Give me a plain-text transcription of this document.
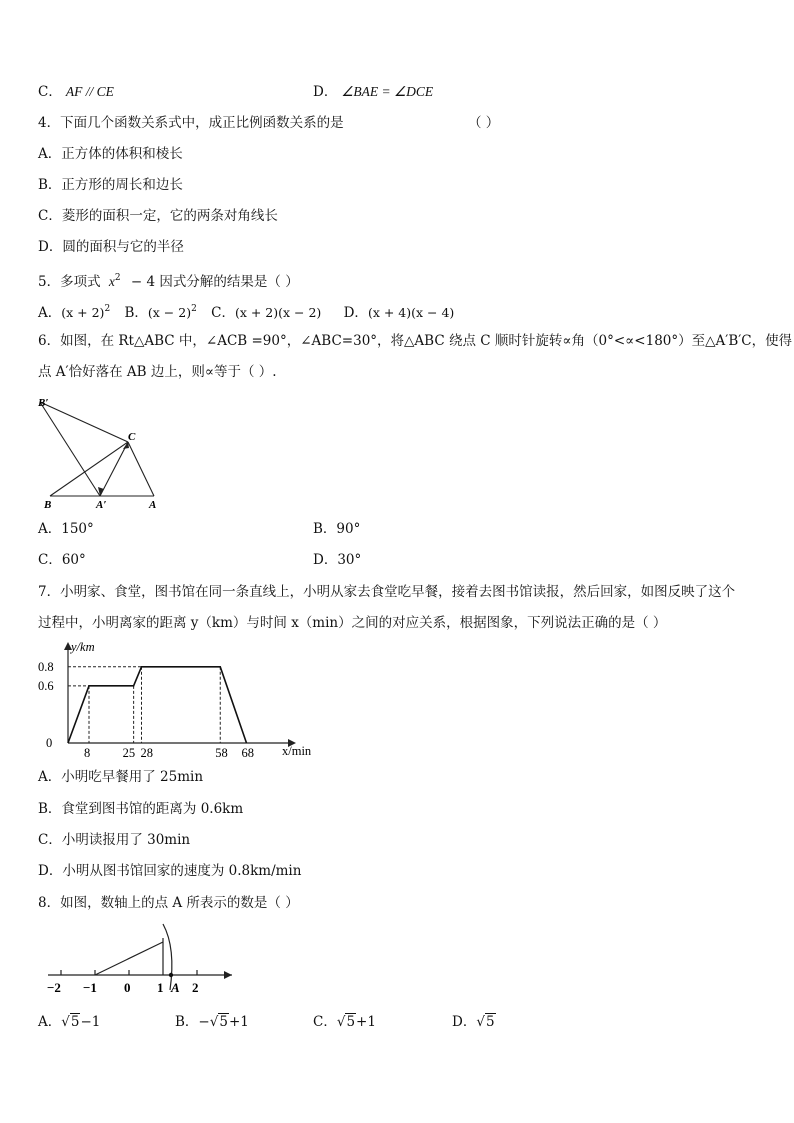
C． AF // CE	D． ∠BAE = ∠DCE
4．下面几个函数关系式中，成正比例函数关系的是	（ ）
A．正方体的体积和棱长
B．正方形的周长和边长
C．菱形的面积一定，它的两条对角线长
D．圆的面积与它的半径
5．多项式 $x^2 - 4$ 因式分解的结果是（ ）
A．$(x + 2)^2$ B．$(x - 2)^2$ C．(x + 2)(x − 2) D．(x + 4)(x − 4)
6．如图，在 Rt△ABC 中，∠ACB =90°，∠ABC=30°，将△ABC 绕点 C 顺时针旋转∝角（0°<∝<180°）至△A′B′C，使得
点 A′恰好落在 AB 边上，则∝等于（ ）.
B′
C
B	A′	A
A．150°	B．90°
C．60°	D．30°
7．小明家、食堂，图书馆在同一条直线上，小明从家去食堂吃早餐，接着去图书馆读报，然后回家，如图反映了这个
过程中，小明离家的距离 y（km）与时间 x（min）之间的对应关系，根据图象，下列说法正确的是（ ）
8	25 28	58 68
0.6
0.8
0
x/min
y/km
A．小明吃早餐用了 25min
B．食堂到图书馆的距离为 0.6km
C．小明读报用了 30min
D．小明从图书馆回家的速度为 0.8km/min
8．如图，数轴上的点 A 所表示的数是（ ）
−2 −1 0 1 A 2
A．√5−1	B．−√5+1	C．√5+1	D．√5
